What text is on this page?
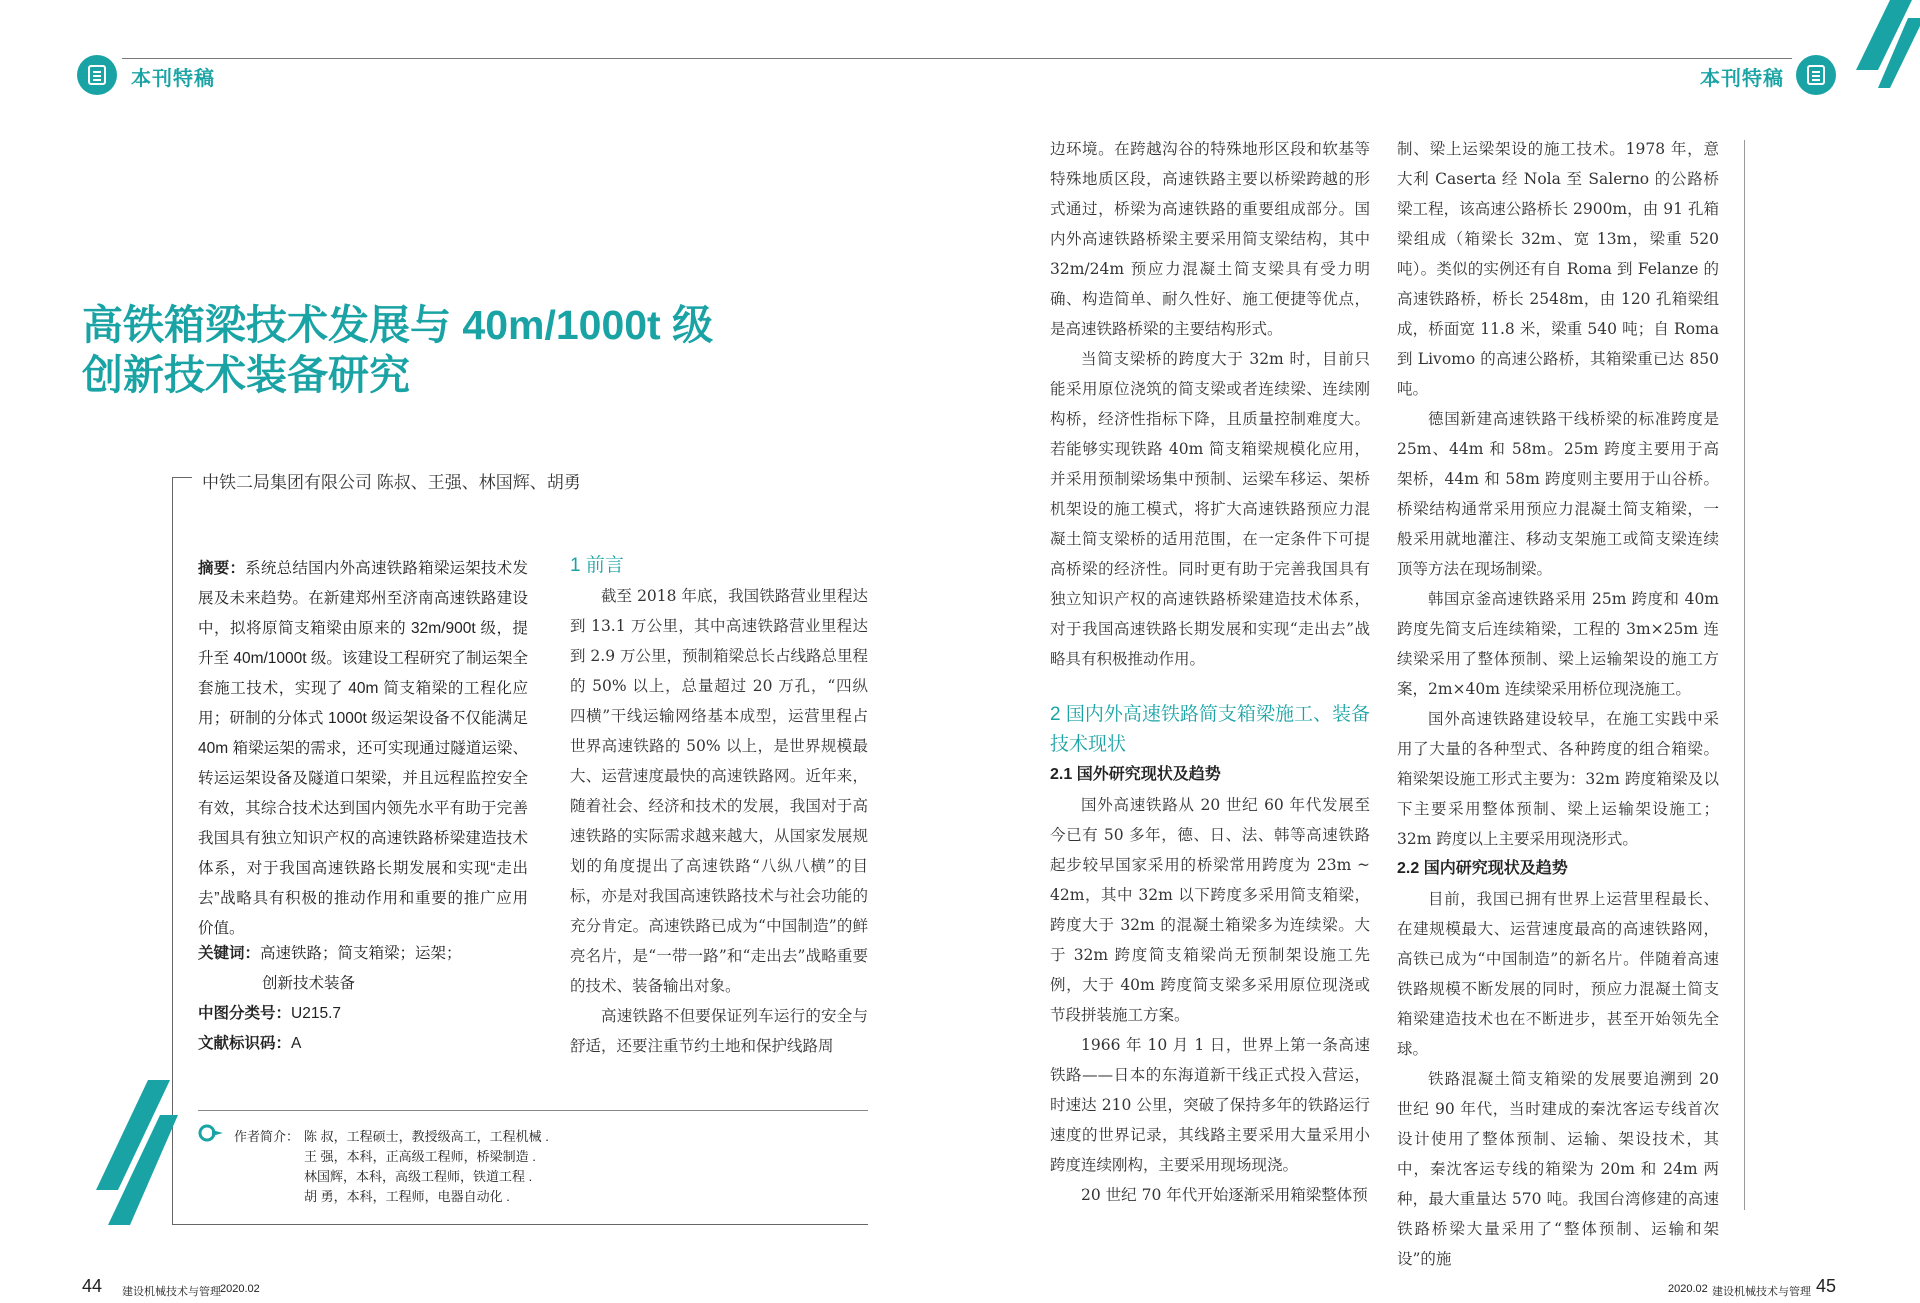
本刊特稿	本刊特稿
高铁箱梁技术发展与 40m/1000t 级
创新技术装备研究
中铁二局集团有限公司 陈叔、王强、林国辉、胡勇
摘要：系统总结国内外高速铁路箱梁运架技术发展及未来趋势。在新建郑州至济南高速铁路建设中，拟将原简支箱梁由原来的 32m/900t 级，提升至 40m/1000t 级。该建设工程研究了制运架全套施工技术，实现了 40m 简支箱梁的工程化应用；研制的分体式 1000t 级运架设备不仅能满足 40m 箱梁运架的需求，还可实现通过隧道运梁、转运运架设备及隧道口架梁，并且远程监控安全有效，其综合技术达到国内领先水平有助于完善我国具有独立知识产权的高速铁路桥梁建造技术体系，对于我国高速铁路长期发展和实现“走出去”战略具有积极的推动作用和重要的推广应用价值。
关键词：高速铁路；简支箱梁；运架；
创新技术装备
中图分类号：U215.7
文献标识码：A
作者简介： 陈 叔，工程硕士，教授级高工，工程机械 .
王 强，本科，正高级工程师，桥梁制造 .
林国辉，本科，高级工程师，铁道工程 .
胡 勇，本科，工程师，电器自动化 .
1 前言

截至 2018 年底，我国铁路营业里程达到 13.1 万公里，其中高速铁路营业里程达到 2.9 万公里，预制箱梁总长占线路总里程的 50% 以上，总量超过 20 万孔，“四纵四横”干线运输网络基本成型，运营里程占世界高速铁路的 50% 以上，是世界规模最大、运营速度最快的高速铁路网。近年来，随着社会、经济和技术的发展，我国对于高速铁路的实际需求越来越大，从国家发展规划的角度提出了高速铁路“八纵八横”的目标，亦是对我国高速铁路技术与社会功能的充分肯定。高速铁路已成为“中国制造”的鲜亮名片，是“一带一路”和“走出去”战略重要的技术、装备输出对象。

高速铁路不但要保证列车运行的安全与舒适，还要注重节约土地和保护线路周

边环境。在跨越沟谷的特殊地形区段和软基等特殊地质区段，高速铁路主要以桥梁跨越的形式通过，桥梁为高速铁路的重要组成部分。国内外高速铁路桥梁主要采用简支梁结构，其中 32m/24m 预应力混凝土简支梁具有受力明确、构造简单、耐久性好、施工便捷等优点，是高速铁路桥梁的主要结构形式。

当简支梁桥的跨度大于 32m 时，目前只能采用原位浇筑的简支梁或者连续梁、连续刚构桥，经济性指标下降，且质量控制难度大。若能够实现铁路 40m 简支箱梁规模化应用，并采用预制梁场集中预制、运梁车移运、架桥机架设的施工模式，将扩大高速铁路预应力混凝土简支梁桥的适用范围，在一定条件下可提高桥梁的经济性。同时更有助于完善我国具有独立知识产权的高速铁路桥梁建造技术体系，对于我国高速铁路长期发展和实现“走出去”战略具有积极推动作用。

2 国内外高速铁路简支箱梁施工、装备技术现状
2.1 国外研究现状及趋势

国外高速铁路从 20 世纪 60 年代发展至今已有 50 多年，德、日、法、韩等高速铁路起步较早国家采用的桥梁常用跨度为 23m ~ 42m，其中 32m 以下跨度多采用简支箱梁，跨度大于 32m 的混凝土箱梁多为连续梁。大于 32m 跨度简支箱梁尚无预制架设施工先例，大于 40m 跨度简支梁多采用原位现浇或节段拼装施工方案。

1966 年 10 月 1 日，世界上第一条高速铁路——日本的东海道新干线正式投入营运，时速达 210 公里，突破了保持多年的铁路运行速度的世界记录，其线路主要采用大量采用小跨度连续刚构，主要采用现场现浇。

20 世纪 70 年代开始逐渐采用箱梁整体预

制、梁上运梁架设的施工技术。1978 年，意大利 Caserta 经 Nola 至 Salerno 的公路桥梁工程，该高速公路桥长 2900m，由 91 孔箱梁组成（箱梁长 32m、宽 13m，梁重 520 吨）。类似的实例还有自 Roma 到 Felanze 的高速铁路桥，桥长 2548m，由 120 孔箱梁组成，桥面宽 11.8 米，梁重 540 吨；自 Roma 到 Livomo 的高速公路桥，其箱梁重已达 850 吨。

德国新建高速铁路干线桥梁的标准跨度是 25m、44m 和 58m。25m 跨度主要用于高架桥，44m 和 58m 跨度则主要用于山谷桥。桥梁结构通常采用预应力混凝土简支箱梁，一般采用就地灌注、移动支架施工或简支梁连续顶等方法在现场制梁。

韩国京釜高速铁路采用 25m 跨度和 40m 跨度先简支后连续箱梁，工程的 3m×25m 连续梁采用了整体预制、梁上运输架设的施工方案，2m×40m 连续梁采用桥位现浇施工。

国外高速铁路建设较早，在施工实践中采用了大量的各种型式、各种跨度的组合箱梁。箱梁架设施工形式主要为：32m 跨度箱梁及以下主要采用整体预制、梁上运输架设施工；32m 跨度以上主要采用现浇形式。

2.2 国内研究现状及趋势

目前，我国已拥有世界上运营里程最长、在建规模最大、运营速度最高的高速铁路网，高铁已成为“中国制造”的新名片。伴随着高速铁路规模不断发展的同时，预应力混凝土简支箱梁建造技术也在不断进步，甚至开始领先全球。

铁路混凝土简支箱梁的发展要追溯到 20 世纪 90 年代，当时建成的秦沈客运专线首次设计使用了整体预制、运输、架设技术，其中，秦沈客运专线的箱梁为 20m 和 24m 两种，最大重量达 570 吨。我国台湾修建的高速铁路桥梁大量采用了“整体预制、运输和架设”的施

44 建设机械技术与管理 2020.02	2020.02 建设机械技术与管理 45
